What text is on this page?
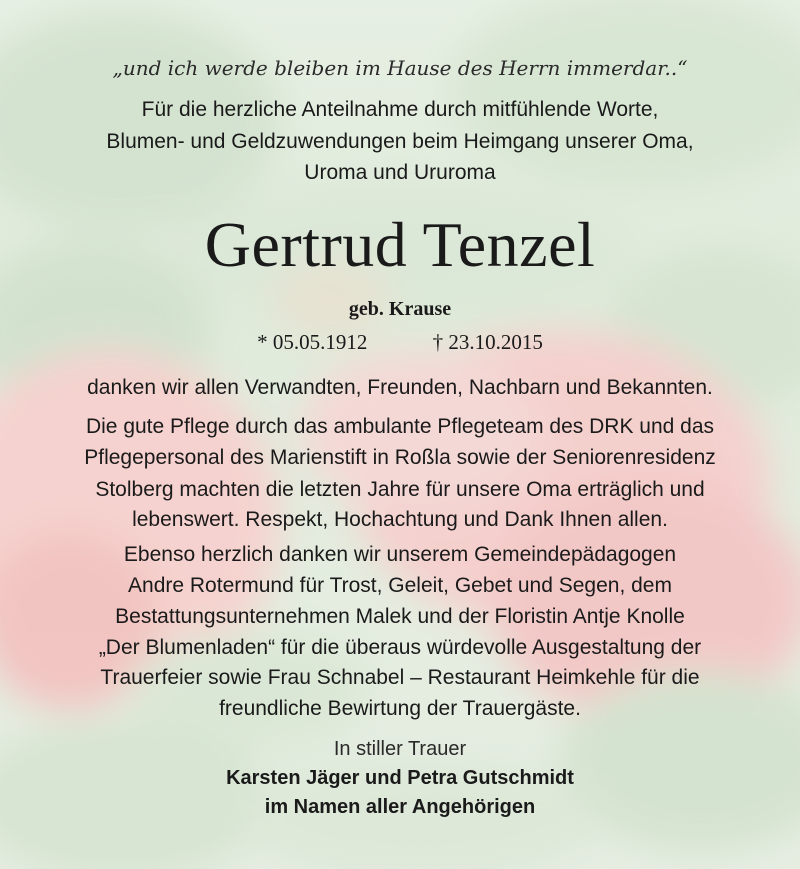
„und ich werde bleiben im Hause des Herrn immerdar..“
Für die herzliche Anteilnahme durch mitfühlende Worte,
Blumen- und Geldzuwendungen beim Heimgang unserer Oma,
Uroma und Ururoma
Gertrud Tenzel
geb. Krause
* 05.05.1912	† 23.10.2015
danken wir allen Verwandten, Freunden, Nachbarn und Bekannten.
Die gute Pflege durch das ambulante Pflegeteam des DRK und das
Pflegepersonal des Marienstift in Roßla sowie der Seniorenresidenz
Stolberg machten die letzten Jahre für unsere Oma erträglich und
lebenswert. Respekt, Hochachtung und Dank Ihnen allen.
Ebenso herzlich danken wir unserem Gemeindepädagogen
Andre Rotermund für Trost, Geleit, Gebet und Segen, dem
Bestattungsunternehmen Malek und der Floristin Antje Knolle
„Der Blumenladen“ für die überaus würdevolle Ausgestaltung der
Trauerfeier sowie Frau Schnabel – Restaurant Heimkehle für die
freundliche Bewirtung der Trauergäste.
In stiller Trauer
Karsten Jäger und Petra Gutschmidt
im Namen aller Angehörigen
